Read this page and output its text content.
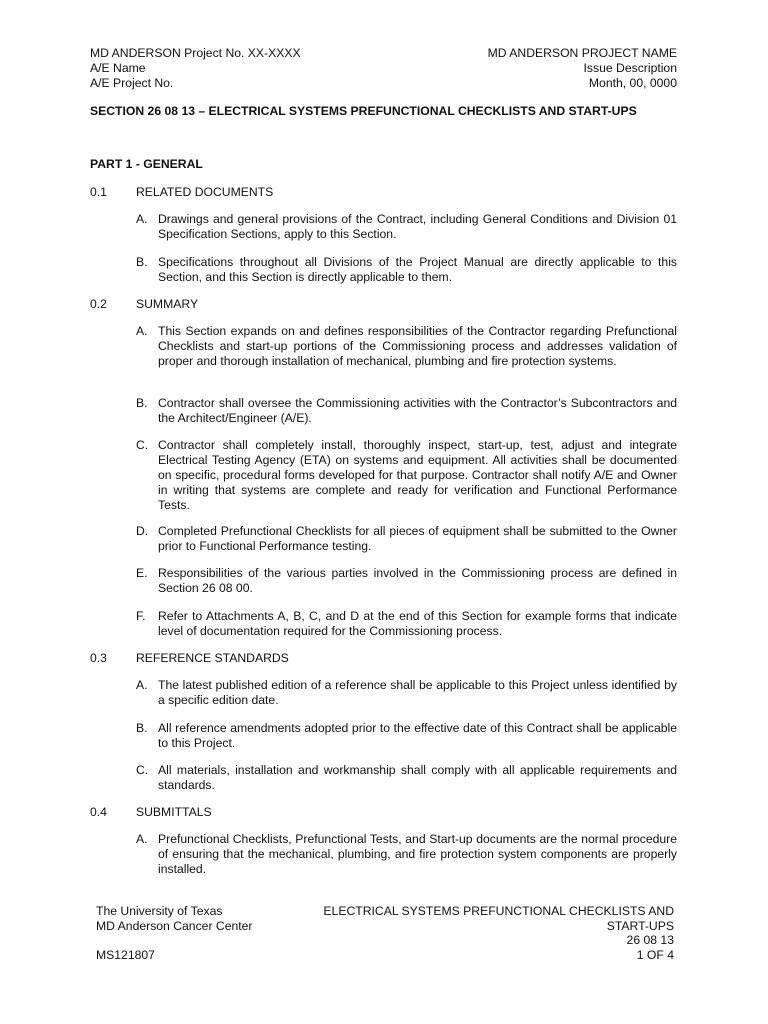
MD ANDERSON Project No. XX-XXXX
A/E Name
A/E Project No.
MD ANDERSON PROJECT NAME
Issue Description
Month, 00, 0000
SECTION 26 08 13 – ELECTRICAL SYSTEMS PREFUNCTIONAL CHECKLISTS AND START-UPS
PART 1 - GENERAL
0.1	RELATED DOCUMENTS
A. Drawings and general provisions of the Contract, including General Conditions and Division 01 Specification Sections, apply to this Section.
B. Specifications throughout all Divisions of the Project Manual are directly applicable to this Section, and this Section is directly applicable to them.
0.2	SUMMARY
A. This Section expands on and defines responsibilities of the Contractor regarding Prefunctional Checklists and start-up portions of the Commissioning process and addresses validation of proper and thorough installation of mechanical, plumbing and fire protection systems.
B. Contractor shall oversee the Commissioning activities with the Contractor’s Subcontractors and the Architect/Engineer (A/E).
C. Contractor shall completely install, thoroughly inspect, start-up, test, adjust and integrate Electrical Testing Agency (ETA) on systems and equipment. All activities shall be documented on specific, procedural forms developed for that purpose. Contractor shall notify A/E and Owner in writing that systems are complete and ready for verification and Functional Performance Tests.
D. Completed Prefunctional Checklists for all pieces of equipment shall be submitted to the Owner prior to Functional Performance testing.
E. Responsibilities of the various parties involved in the Commissioning process are defined in Section 26 08 00.
F.	Refer to Attachments A, B, C, and D at the end of this Section for example forms that indicate level of documentation required for the Commissioning process.
0.3	REFERENCE STANDARDS
A. The latest published edition of a reference shall be applicable to this Project unless identified by a specific edition date.
B. All reference amendments adopted prior to the effective date of this Contract shall be applicable to this Project.
C. All materials, installation and workmanship shall comply with all applicable requirements and standards.
0.4	SUBMITTALS
A. Prefunctional Checklists, Prefunctional Tests, and Start-up documents are the normal procedure of ensuring that the mechanical, plumbing, and fire protection system components are properly installed.
The University of Texas
MD Anderson Cancer Center
MS121807
ELECTRICAL SYSTEMS PREFUNCTIONAL CHECKLISTS AND
START-UPS
26 08 13
1 OF 4
